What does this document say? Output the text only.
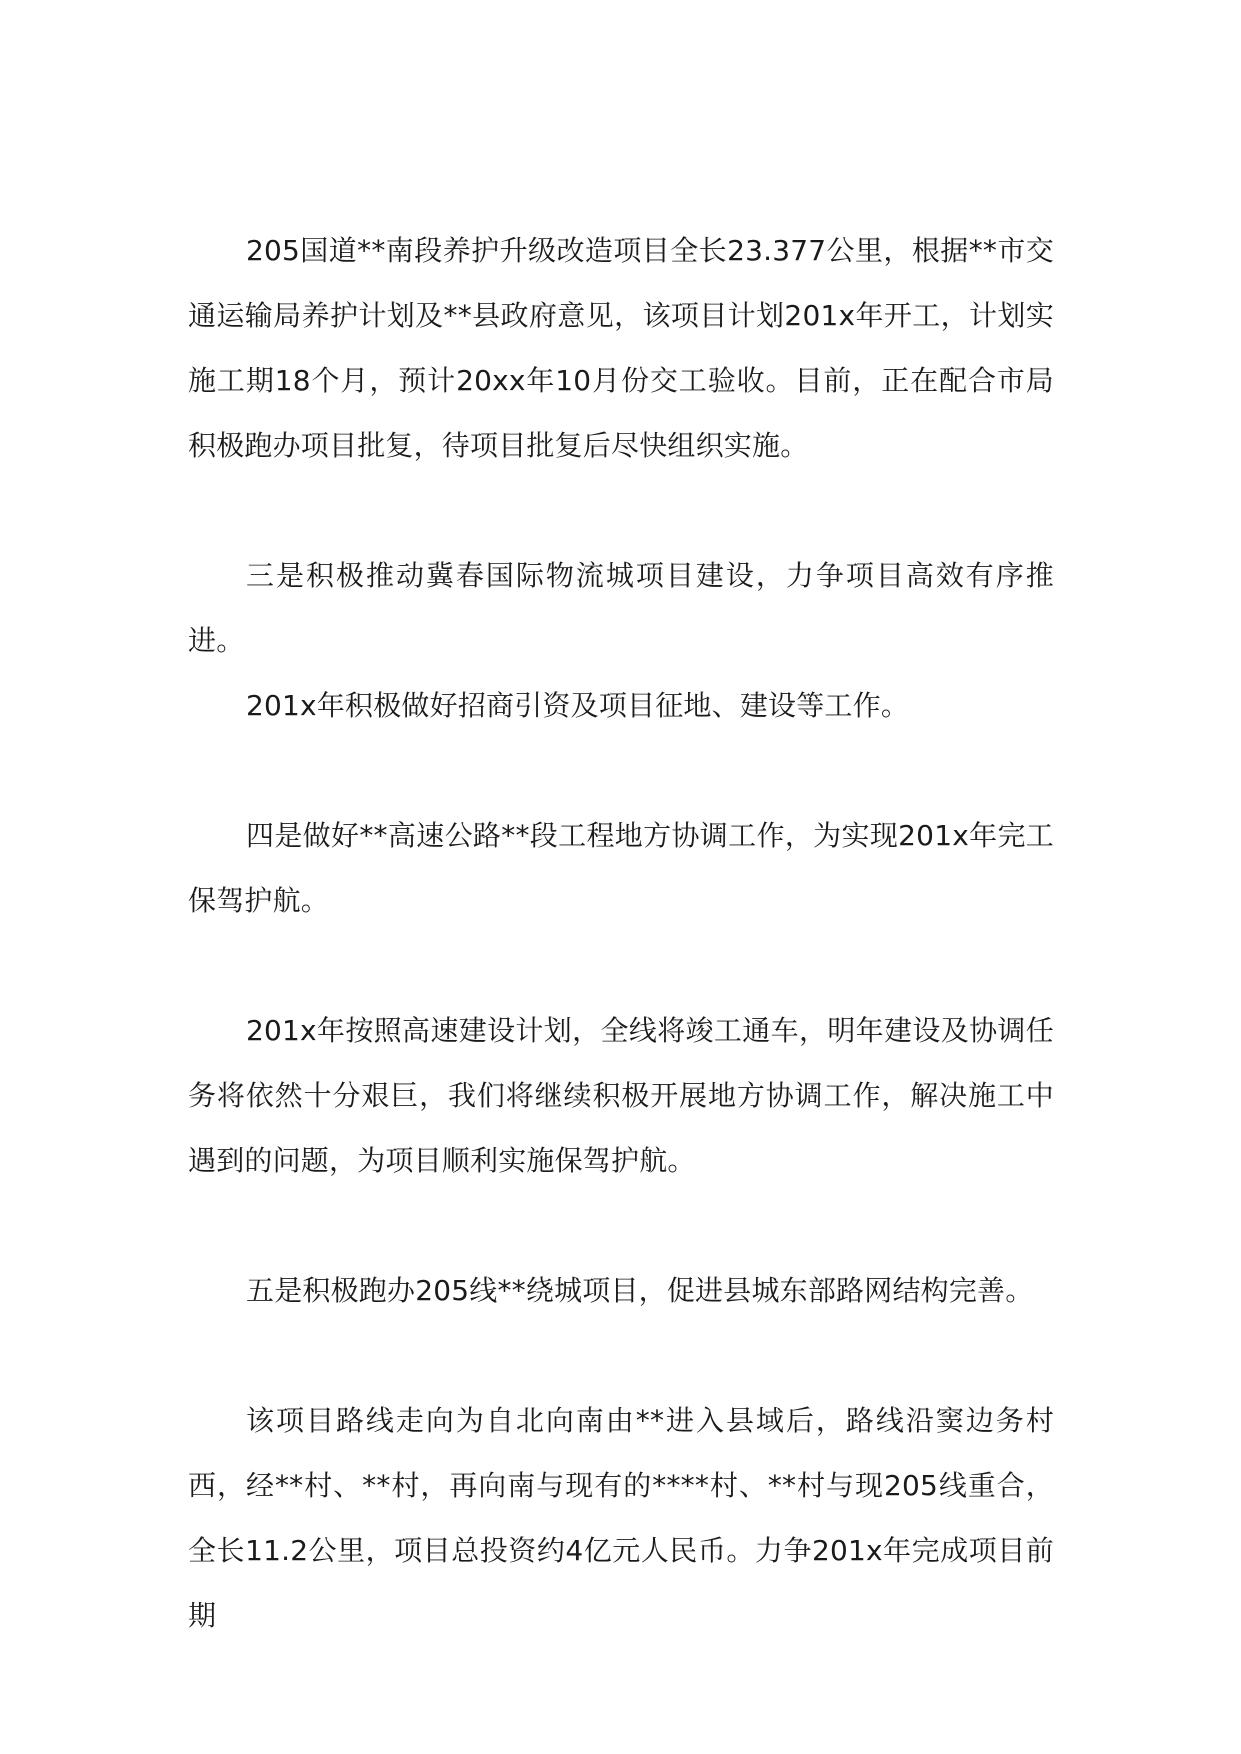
205国道**南段养护升级改造项目全长23.377公里，根据**市交通运输局养护计划及**县政府意见，该项目计划201x年开工，计划实施工期18个月，预计20xx年10月份交工验收。目前，正在配合市局积极跑办项目批复，待项目批复后尽快组织实施。

三是积极推动冀春国际物流城项目建设，力争项目高效有序推进。

201x年积极做好招商引资及项目征地、建设等工作。

四是做好**高速公路**段工程地方协调工作，为实现201x年完工保驾护航。

201x年按照高速建设计划，全线将竣工通车，明年建设及协调任务将依然十分艰巨，我们将继续积极开展地方协调工作，解决施工中遇到的问题，为项目顺利实施保驾护航。

五是积极跑办205线**绕城项目，促进县城东部路网结构完善。

该项目路线走向为自北向南由**进入县域后，路线沿窦边务村西，经**村、**村，再向南与现有的****村、**村与现205线重合，全长11.2公里，项目总投资约4亿元人民币。力争201x年完成项目前期
